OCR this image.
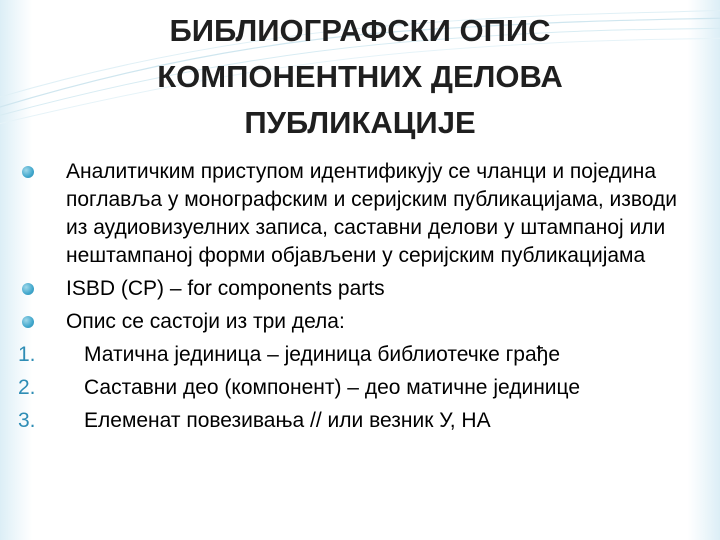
БИБЛИОГРАФСКИ ОПИС
КОМПОНЕНТНИХ ДЕЛОВА
ПУБЛИКАЦИЈЕ
Аналитичким приступом идентификују се чланци и поједина поглавља у монографским и серијским публикацијама, изводи из аудиовизуелних записа, саставни делови у штампаној или нештампаној форми објављени у серијским публикацијама
ISBD (CP) – for components parts
Опис се састоји из три дела:
1. Матична јединица – јединица библиотечке грађе
2. Саставни део (компонент) – део матичне јединице
3. Елеменат повезивања // или везник У, НА
